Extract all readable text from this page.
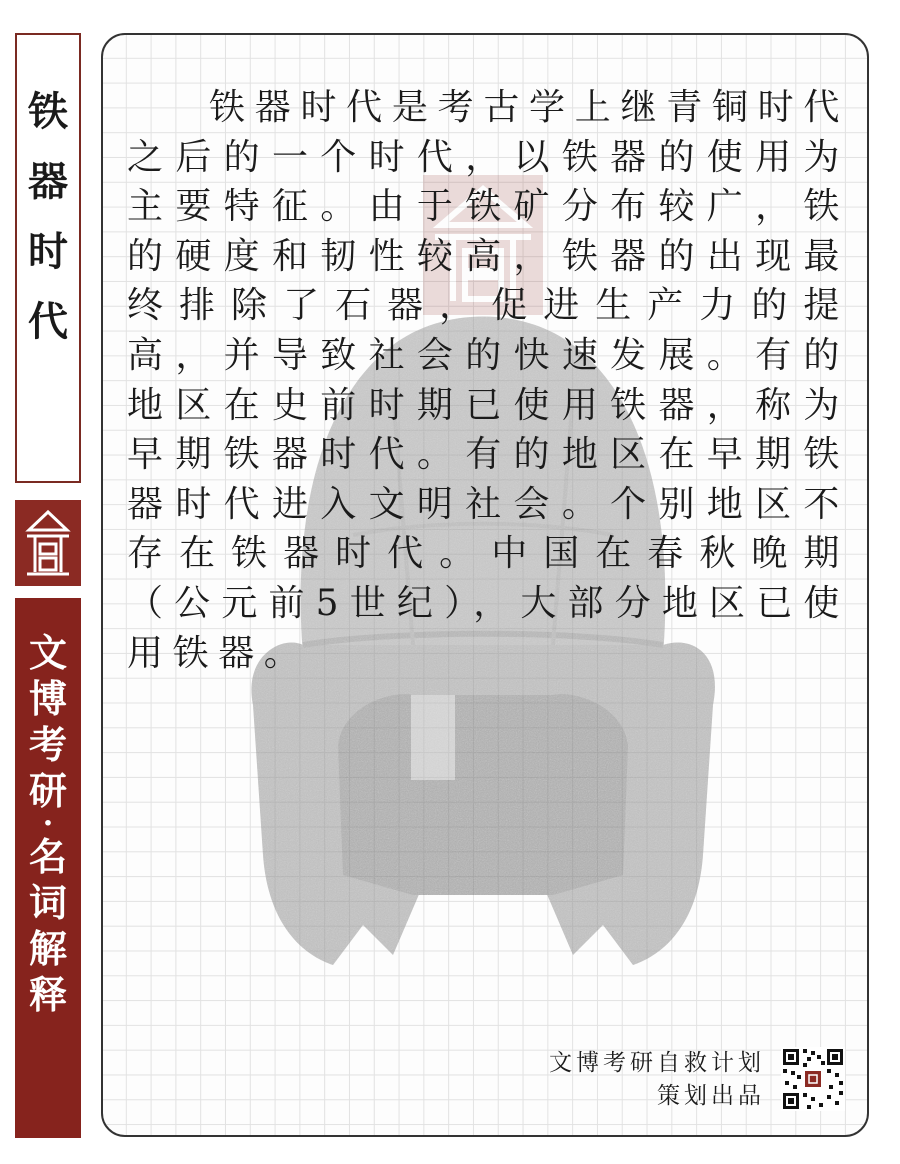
铁
器
时
代
文
博
考
研
·
名
词
解
释

铁器时代是考古学上继青铜时代之后的一个时代，以铁器的使用为主要特征。由于铁矿分布较广，铁的硬度和韧性较高，铁器的出现最终排除了石器，促进生产力的提高，并导致社会的快速发展。有的地区在史前时期已使用铁器，称为早期铁器时代。有的地区在早期铁器时代进入文明社会。个别地区不存在铁器时代。中国在春秋晚期（公元前5世纪），大部分地区已使用铁器。

文博考研自救计划
策划出品
